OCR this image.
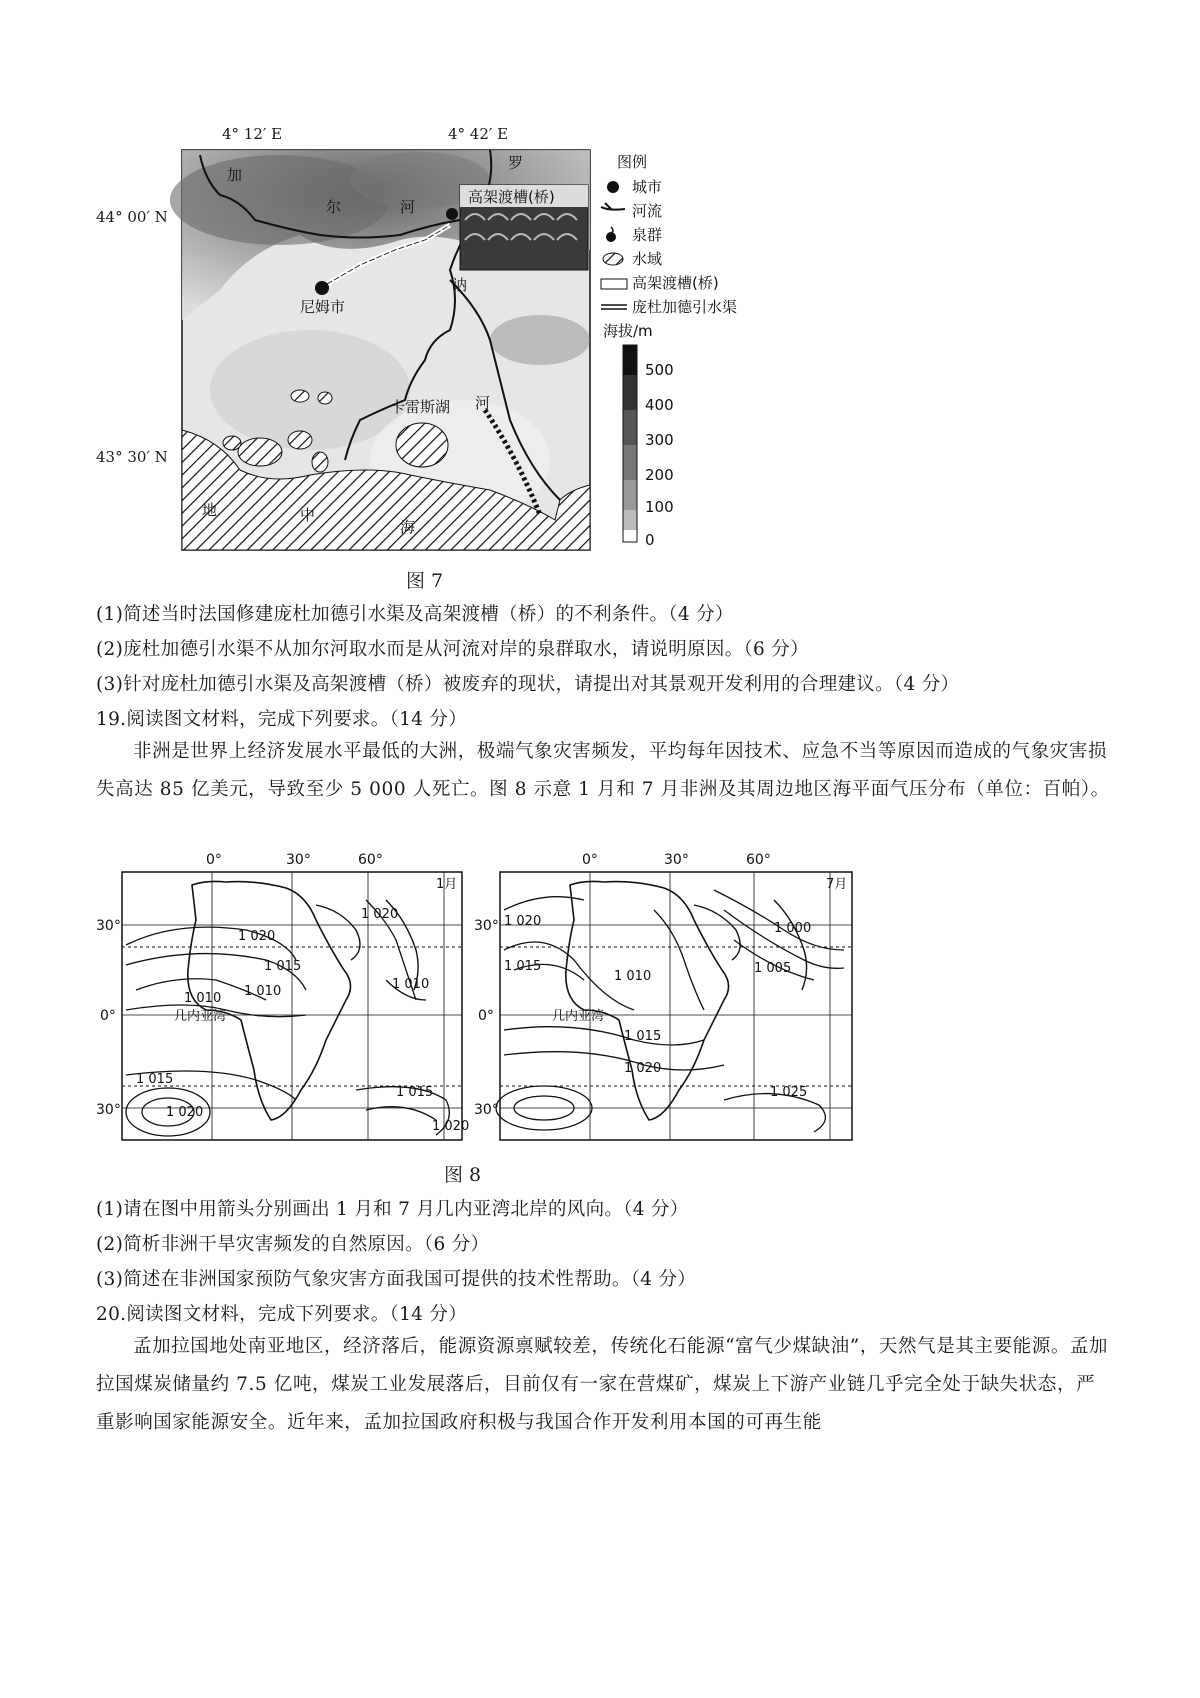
4° 12′ E	4° 42′ E
44° 00′ N
43° 30′ N
高架渡槽(桥)
加
尔	河
罗
讷
河
尼姆市
卡雷斯湖
地	中
海
图例
城市
河流
泉群
水域
高架渡槽(桥)
庞杜加德引水渠
海拔/m
500
400
300
200
100
0
图 7
(1)简述当时法国修建庞杜加德引水渠及高架渡槽（桥）的不利条件。（4 分）
(2)庞杜加德引水渠不从加尔河取水而是从河流对岸的泉群取水，请说明原因。（6 分）
(3)针对庞杜加德引水渠及高架渡槽（桥）被废弃的现状，请提出对其景观开发利用的合理建议。（4 分）
19.阅读图文材料，完成下列要求。（14 分）
非洲是世界上经济发展水平最低的大洲，极端气象灾害频发，平均每年因技术、应急不当等原因而造成的气象灾害损失高达 85 亿美元，导致至少 5 000 人死亡。图 8 示意 1 月和 7 月非洲及其周边地区海平面气压分布（单位：百帕）。
0°	30°	60°
30°
0°
30°
1月
几内亚湾
1 020
1 020
1 015
1 010 1 010	1 010
1 015
1 020
1 015
1 020
0°	30°	60°
30°
0°
30°
7月
几内亚湾
1 020
1 015
1 010
1 015
1 020
1 000
1 005
1 025
图 8
(1)请在图中用箭头分别画出 1 月和 7 月几内亚湾北岸的风向。（4 分）
(2)简析非洲干旱灾害频发的自然原因。（6 分）
(3)简述在非洲国家预防气象灾害方面我国可提供的技术性帮助。（4 分）
20.阅读图文材料，完成下列要求。（14 分）
孟加拉国地处南亚地区，经济落后，能源资源禀赋较差，传统化石能源“富气少煤缺油”，天然气是其主要能源。孟加拉国煤炭储量约 7.5 亿吨，煤炭工业发展落后，目前仅有一家在营煤矿，煤炭上下游产业链几乎完全处于缺失状态，严重影响国家能源安全。近年来，孟加拉国政府积极与我国合作开发利用本国的可再生能
